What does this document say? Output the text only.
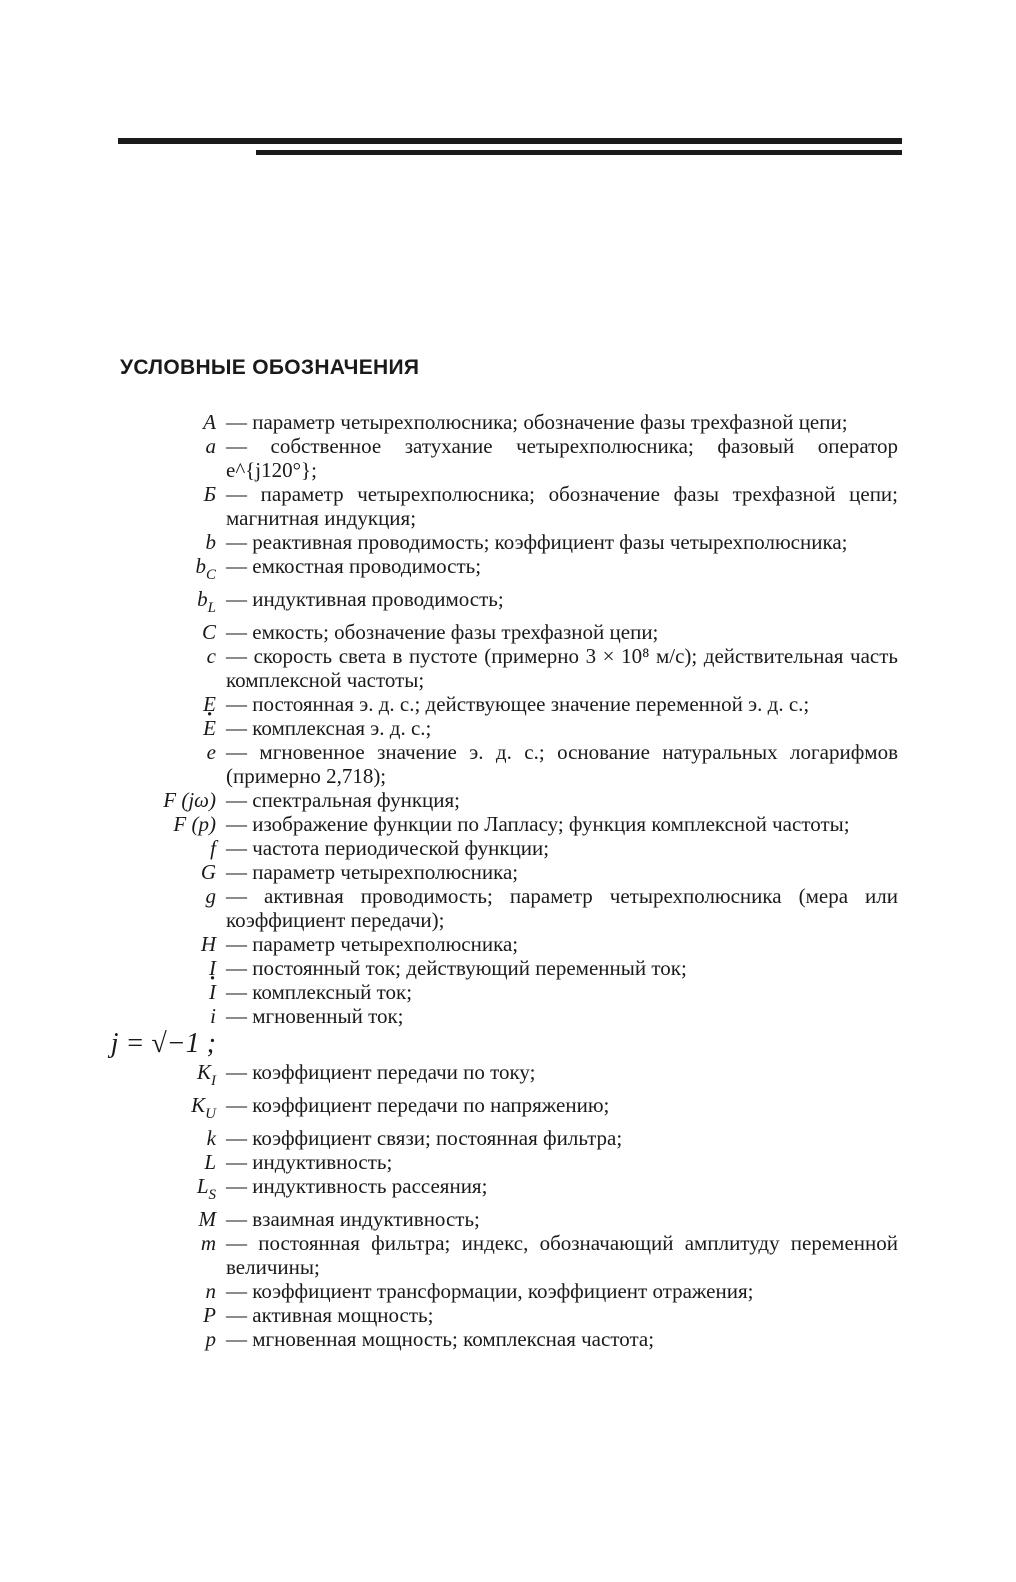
УСЛОВНЫЕ ОБОЗНАЧЕНИЯ
A — параметр четырехполюсника; обозначение фазы трехфазной цепи;
a — собственное затухание четырехполюсника; фазовый оператор e^{j120°};
Б — параметр четырехполюсника; обозначение фазы трехфазной цепи; магнитная индукция;
b — реактивная проводимость; коэффициент фазы четырехполюсника;
$b_C$ — емкостная проводимость;
$b_L$ — индуктивная проводимость;
C — емкость; обозначение фазы трехфазной цепи;
c — скорость света в пустоте (примерно 3 × 10⁸ м/с); действительная часть комплексной частоты;
E — постоянная э. д. с.; действующее значение переменной э. д. с.;
· E — комплексная э. д. с.;
e — мгновенное значение э. д. с.; основание натуральных логарифмов (примерно 2,718);
F (jω) — спектральная функция;
F (p) — изображение функции по Лапласу; функция комплексной частоты;
f — частота периодической функции;
G — параметр четырехполюсника;
g — активная проводимость; параметр четырехполюсника (мера или коэффициент передачи);
H — параметр четырехполюсника;
I — постоянный ток; действующий переменный ток;
· I — комплексный ток;
i — мгновенный ток;
j = √−1 ;
$K_I$ — коэффициент передачи по току;
$K_U$ — коэффициент передачи по напряжению;
k — коэффициент связи; постоянная фильтра;
L — индуктивность;
$L_S$ — индуктивность рассеяния;
M — взаимная индуктивность;
m — постоянная фильтра; индекс, обозначающий амплитуду переменной величины;
n — коэффициент трансформации, коэффициент отражения;
P — активная мощность;
p — мгновенная мощность; комплексная частота;
